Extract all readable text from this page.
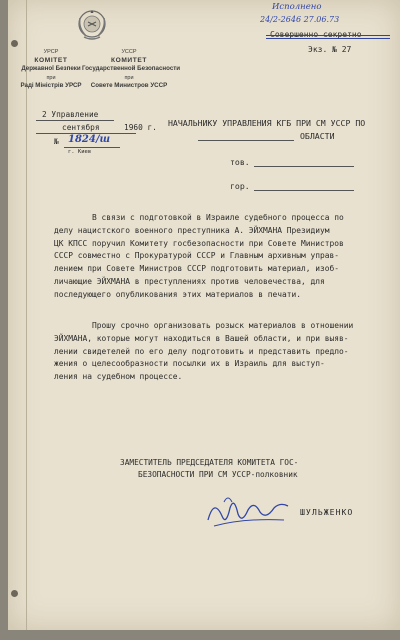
УРСР
КОМІТЕТ
Державної Безпеки
при
Раді Міністрів УРСР
УССР
КОМИТЕТ
Государственной Безопасности
при
Совете Министров УССР
Исполнено
24/2-2646 27.06.73
Экз. № 27
2 Управление
сентября	1960 г.
№ 1824/ш
г. Киев
НАЧАЛЬНИКУ УПРАВЛЕНИЯ КГБ ПРИ СМ УССР ПО
ОБЛАСТИ
тов.
гор.
В связи с подготовкой в Израиле судебного процесса по
делу нацистского военного преступника А. ЭЙХМАНА Президиум
ЦК КПСС поручил Комитету госбезопасности при Совете Министров
СССР совместно с Прокуратурой СССР и Главным архивным управ-
лением при Совете Министров СССР подготовить материал, изоб-
личающие ЭЙХМАНА в преступлениях против человечества, для
последующего опубликования этих материалов в печати.
Прошу срочно организовать розыск материалов в отношении
ЭЙХМАНА, которые могут находиться в Вашей области, и при выяв-
лении свидетелей по его делу подготовить и представить предло-
жения о целесообразности посылки их в Израиль для выступ-
ления на судебном процессе.
ЗАМЕСТИТЕЛЬ ПРЕДСЕДАТЕЛЯ КОМИТЕТА ГОС-
БЕЗОПАСНОСТИ ПРИ СМ УССР-полковник
ШУЛЬЖЕНКО
